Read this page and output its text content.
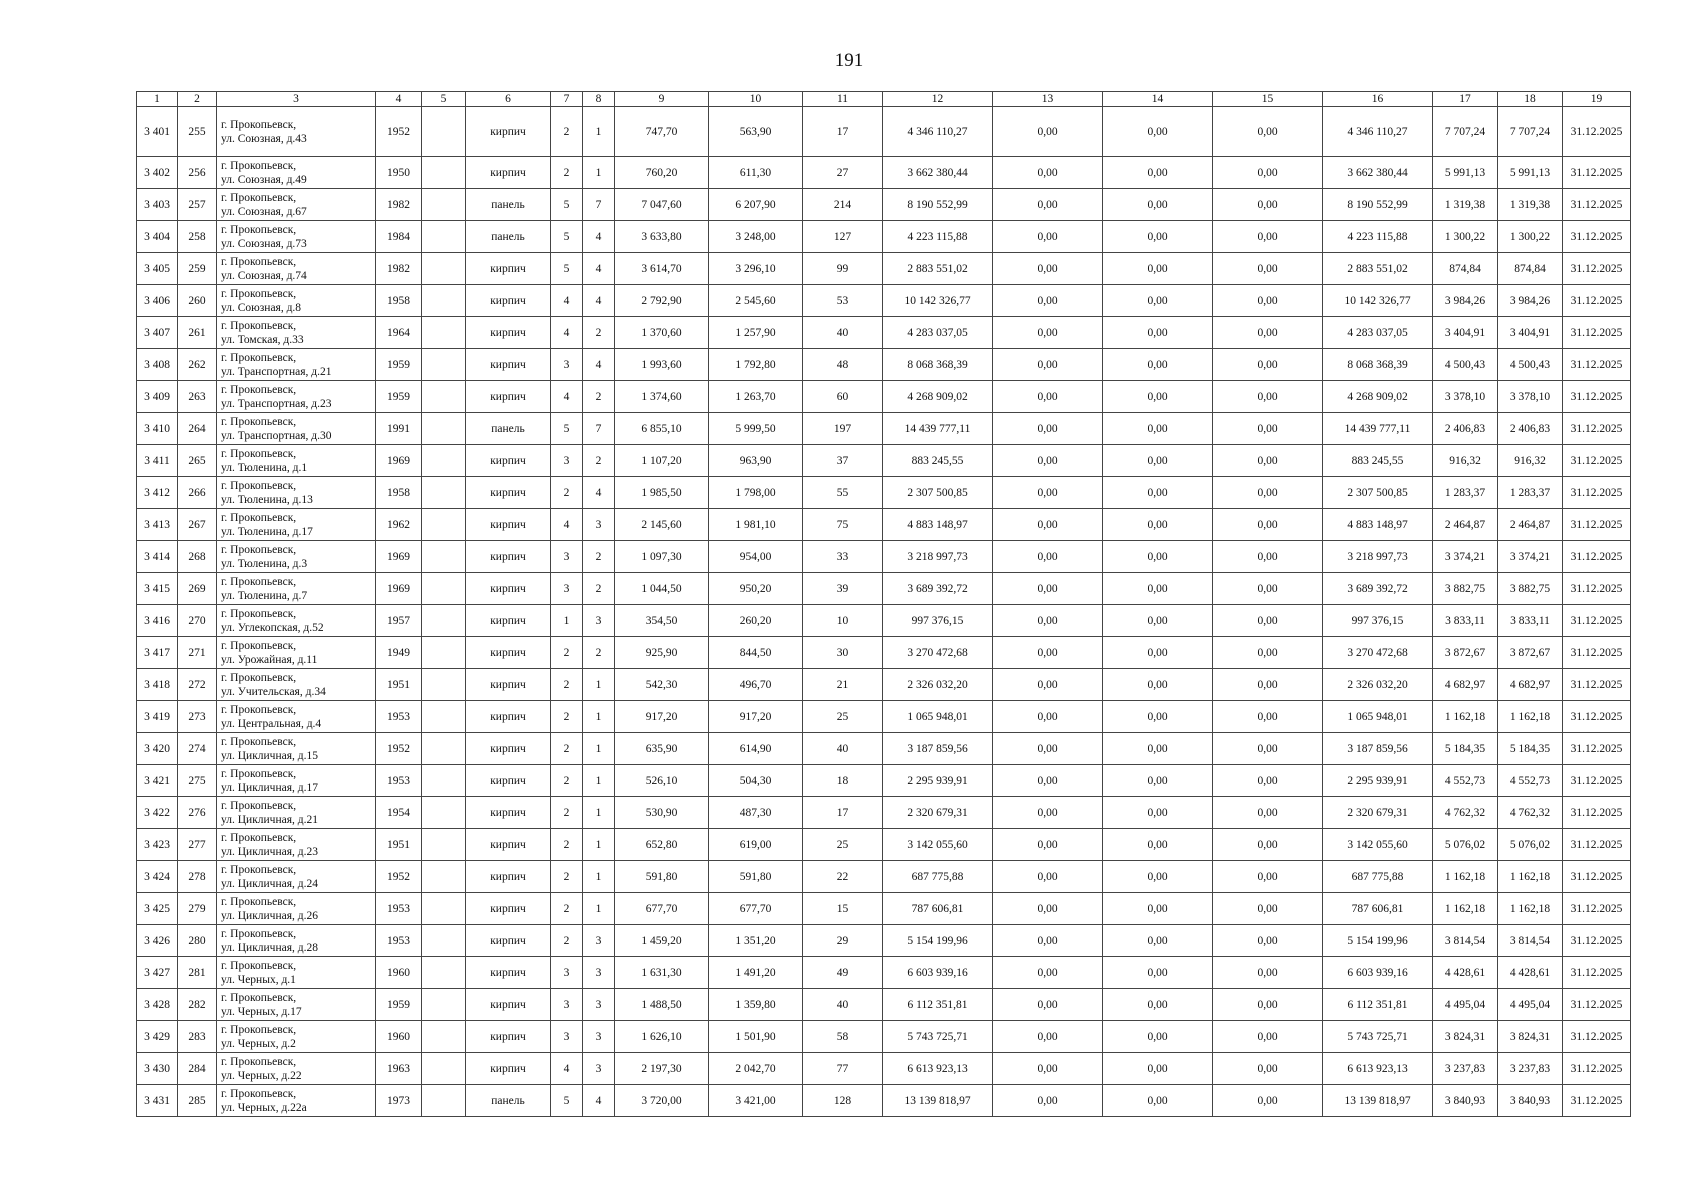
191
1	2	3	4	5	6	7	8	9	10	11	12	13	14	15	16	17	18	19
3 401	255	г. Прокопьевск,
ул. Союзная, д.43	1952		кирпич	2	1	747,70	563,90	17	4 346 110,27	0,00	0,00	0,00	4 346 110,27	7 707,24	7 707,24	31.12.2025
3 402	256	г. Прокопьевск,
ул. Союзная, д.49	1950		кирпич	2	1	760,20	611,30	27	3 662 380,44	0,00	0,00	0,00	3 662 380,44	5 991,13	5 991,13	31.12.2025
3 403	257	г. Прокопьевск,
ул. Союзная, д.67	1982		панель	5	7	7 047,60	6 207,90	214	8 190 552,99	0,00	0,00	0,00	8 190 552,99	1 319,38	1 319,38	31.12.2025
3 404	258	г. Прокопьевск,
ул. Союзная, д.73	1984		панель	5	4	3 633,80	3 248,00	127	4 223 115,88	0,00	0,00	0,00	4 223 115,88	1 300,22	1 300,22	31.12.2025
3 405	259	г. Прокопьевск,
ул. Союзная, д.74	1982		кирпич	5	4	3 614,70	3 296,10	99	2 883 551,02	0,00	0,00	0,00	2 883 551,02	874,84	874,84	31.12.2025
3 406	260	г. Прокопьевск,
ул. Союзная, д.8	1958		кирпич	4	4	2 792,90	2 545,60	53	10 142 326,77	0,00	0,00	0,00	10 142 326,77	3 984,26	3 984,26	31.12.2025
3 407	261	г. Прокопьевск,
ул. Томская, д.33	1964		кирпич	4	2	1 370,60	1 257,90	40	4 283 037,05	0,00	0,00	0,00	4 283 037,05	3 404,91	3 404,91	31.12.2025
3 408	262	г. Прокопьевск,
ул. Транспортная, д.21	1959		кирпич	3	4	1 993,60	1 792,80	48	8 068 368,39	0,00	0,00	0,00	8 068 368,39	4 500,43	4 500,43	31.12.2025
3 409	263	г. Прокопьевск,
ул. Транспортная, д.23	1959		кирпич	4	2	1 374,60	1 263,70	60	4 268 909,02	0,00	0,00	0,00	4 268 909,02	3 378,10	3 378,10	31.12.2025
3 410	264	г. Прокопьевск,
ул. Транспортная, д.30	1991		панель	5	7	6 855,10	5 999,50	197	14 439 777,11	0,00	0,00	0,00	14 439 777,11	2 406,83	2 406,83	31.12.2025
3 411	265	г. Прокопьевск,
ул. Тюленина, д.1	1969		кирпич	3	2	1 107,20	963,90	37	883 245,55	0,00	0,00	0,00	883 245,55	916,32	916,32	31.12.2025
3 412	266	г. Прокопьевск,
ул. Тюленина, д.13	1958		кирпич	2	4	1 985,50	1 798,00	55	2 307 500,85	0,00	0,00	0,00	2 307 500,85	1 283,37	1 283,37	31.12.2025
3 413	267	г. Прокопьевск,
ул. Тюленина, д.17	1962		кирпич	4	3	2 145,60	1 981,10	75	4 883 148,97	0,00	0,00	0,00	4 883 148,97	2 464,87	2 464,87	31.12.2025
3 414	268	г. Прокопьевск,
ул. Тюленина, д.3	1969		кирпич	3	2	1 097,30	954,00	33	3 218 997,73	0,00	0,00	0,00	3 218 997,73	3 374,21	3 374,21	31.12.2025
3 415	269	г. Прокопьевск,
ул. Тюленина, д.7	1969		кирпич	3	2	1 044,50	950,20	39	3 689 392,72	0,00	0,00	0,00	3 689 392,72	3 882,75	3 882,75	31.12.2025
3 416	270	г. Прокопьевск,
ул. Углекопская, д.52	1957		кирпич	1	3	354,50	260,20	10	997 376,15	0,00	0,00	0,00	997 376,15	3 833,11	3 833,11	31.12.2025
3 417	271	г. Прокопьевск,
ул. Урожайная, д.11	1949		кирпич	2	2	925,90	844,50	30	3 270 472,68	0,00	0,00	0,00	3 270 472,68	3 872,67	3 872,67	31.12.2025
3 418	272	г. Прокопьевск,
ул. Учительская, д.34	1951		кирпич	2	1	542,30	496,70	21	2 326 032,20	0,00	0,00	0,00	2 326 032,20	4 682,97	4 682,97	31.12.2025
3 419	273	г. Прокопьевск,
ул. Центральная, д.4	1953		кирпич	2	1	917,20	917,20	25	1 065 948,01	0,00	0,00	0,00	1 065 948,01	1 162,18	1 162,18	31.12.2025
3 420	274	г. Прокопьевск,
ул. Цикличная, д.15	1952		кирпич	2	1	635,90	614,90	40	3 187 859,56	0,00	0,00	0,00	3 187 859,56	5 184,35	5 184,35	31.12.2025
3 421	275	г. Прокопьевск,
ул. Цикличная, д.17	1953		кирпич	2	1	526,10	504,30	18	2 295 939,91	0,00	0,00	0,00	2 295 939,91	4 552,73	4 552,73	31.12.2025
3 422	276	г. Прокопьевск,
ул. Цикличная, д.21	1954		кирпич	2	1	530,90	487,30	17	2 320 679,31	0,00	0,00	0,00	2 320 679,31	4 762,32	4 762,32	31.12.2025
3 423	277	г. Прокопьевск,
ул. Цикличная, д.23	1951		кирпич	2	1	652,80	619,00	25	3 142 055,60	0,00	0,00	0,00	3 142 055,60	5 076,02	5 076,02	31.12.2025
3 424	278	г. Прокопьевск,
ул. Цикличная, д.24	1952		кирпич	2	1	591,80	591,80	22	687 775,88	0,00	0,00	0,00	687 775,88	1 162,18	1 162,18	31.12.2025
3 425	279	г. Прокопьевск,
ул. Цикличная, д.26	1953		кирпич	2	1	677,70	677,70	15	787 606,81	0,00	0,00	0,00	787 606,81	1 162,18	1 162,18	31.12.2025
3 426	280	г. Прокопьевск,
ул. Цикличная, д.28	1953		кирпич	2	3	1 459,20	1 351,20	29	5 154 199,96	0,00	0,00	0,00	5 154 199,96	3 814,54	3 814,54	31.12.2025
3 427	281	г. Прокопьевск,
ул. Черных, д.1	1960		кирпич	3	3	1 631,30	1 491,20	49	6 603 939,16	0,00	0,00	0,00	6 603 939,16	4 428,61	4 428,61	31.12.2025
3 428	282	г. Прокопьевск,
ул. Черных, д.17	1959		кирпич	3	3	1 488,50	1 359,80	40	6 112 351,81	0,00	0,00	0,00	6 112 351,81	4 495,04	4 495,04	31.12.2025
3 429	283	г. Прокопьевск,
ул. Черных, д.2	1960		кирпич	3	3	1 626,10	1 501,90	58	5 743 725,71	0,00	0,00	0,00	5 743 725,71	3 824,31	3 824,31	31.12.2025
3 430	284	г. Прокопьевск,
ул. Черных, д.22	1963		кирпич	4	3	2 197,30	2 042,70	77	6 613 923,13	0,00	0,00	0,00	6 613 923,13	3 237,83	3 237,83	31.12.2025
3 431	285	г. Прокопьевск,
ул. Черных, д.22а	1973		панель	5	4	3 720,00	3 421,00	128	13 139 818,97	0,00	0,00	0,00	13 139 818,97	3 840,93	3 840,93	31.12.2025
